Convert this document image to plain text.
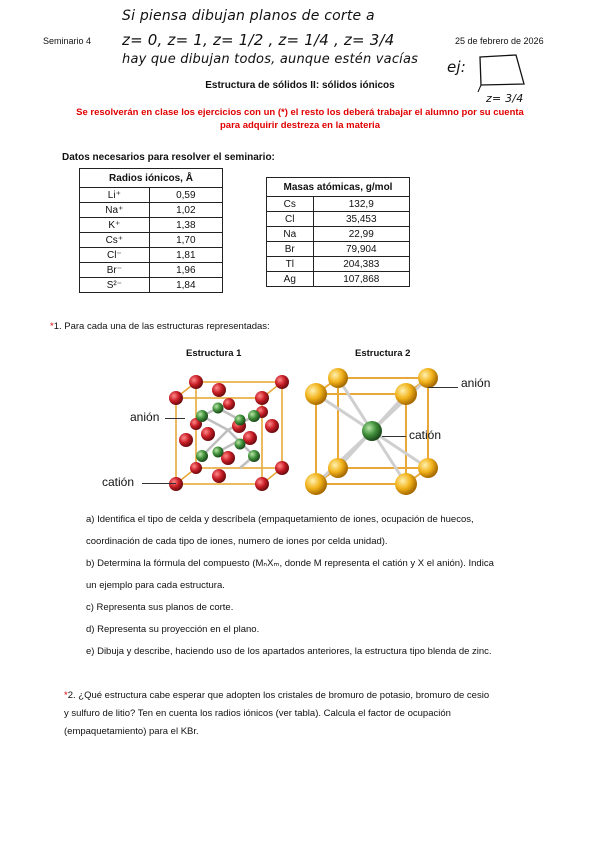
Si piensa dibujan planos de corte a
z= 0, z= 1, z= 1/2 , z= 1/4 , z= 3/4
hay que dibujan todos, aunque estén vacías ej:
z= 3/4
Seminario 4	25 de febrero de 2026
Estructura de sólidos II: sólidos iónicos
Se resolverán en clase los ejercicios con un (*) el resto los deberá trabajar el alumno por su cuenta
para adquirir destreza en la materia
Datos necesarios para resolver el seminario:
Radios iónicos, Å	
Li⁺	0,59
Na⁺	1,02
K⁺	1,38
Cs⁺	1,70
Cl⁻	1,81
Br⁻	1,96
S²⁻	1,84
Masas atómicas, g/mol	
Cs	132,9
Cl	35,453
Na	22,99
Br	79,904
Tl	204,383
Ag	107,868
*1. Para cada una de las estructuras representadas:
Estructura 1	Estructura 2
anión
catión
anión
catión
a) Identifica el tipo de celda y descríbela (empaquetamiento de iones, ocupación de huecos,
coordinación de cada tipo de iones, numero de iones por celda unidad).
b) Determina la fórmula del compuesto (MₙXₘ, donde M representa el catión y X el anión). Indica
un ejemplo para cada estructura.
c) Representa sus planos de corte.
d) Representa su proyección en el plano.
e) Dibuja y describe, haciendo uso de los apartados anteriores, la estructura tipo blenda de zinc.
*2. ¿Qué estructura cabe esperar que adopten los cristales de bromuro de potasio, bromuro de cesio
y sulfuro de litio? Ten en cuenta los radios iónicos (ver tabla). Calcula el factor de ocupación
(empaquetamiento) para el KBr.
